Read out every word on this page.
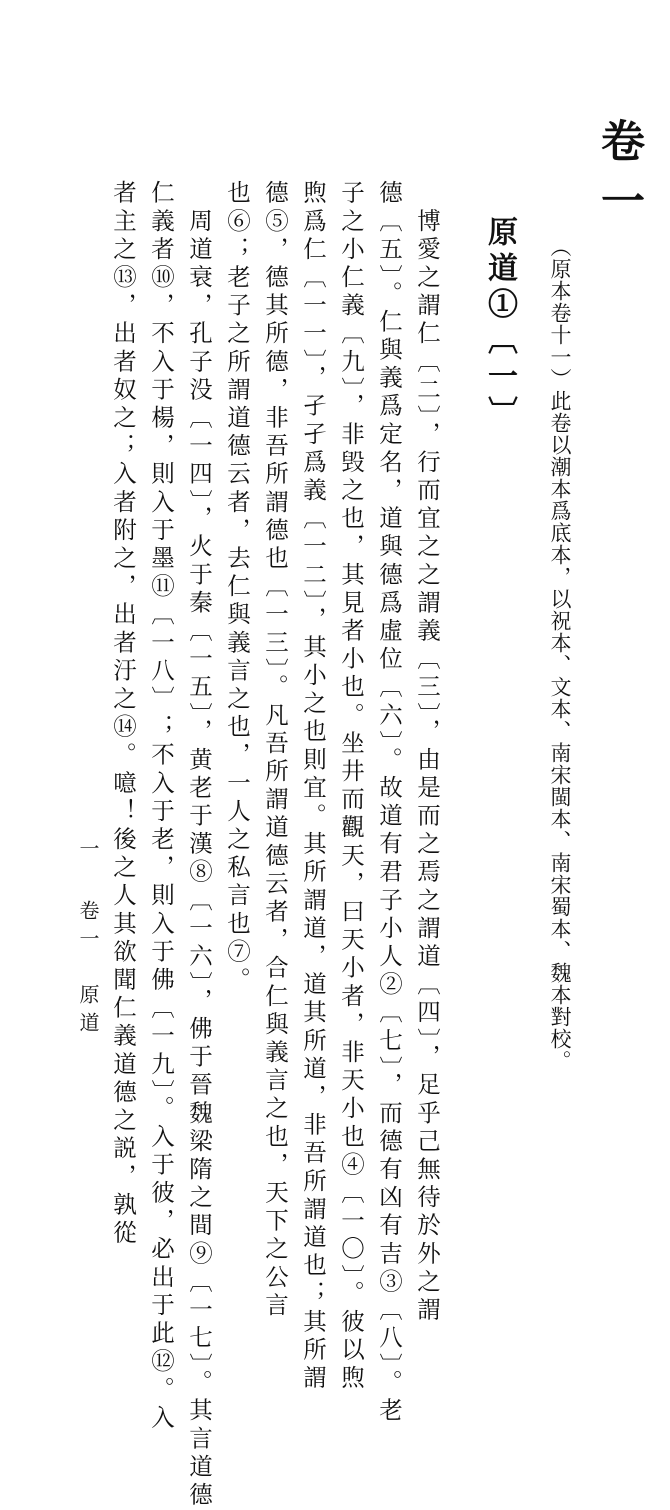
卷一
（原本卷十一）此卷以潮本爲底本，以祝本、文本、南宋閩本、南宋蜀本、魏本對校。
原道①〔一〕
　博愛之謂仁〔二〕，行而宜之之謂義〔三〕，由是而之焉之謂道〔四〕，足乎己無待於外之謂
德〔五〕。仁與義爲定名，道與德爲虛位〔六〕。故道有君子小人②〔七〕，而德有凶有吉③〔八〕。老
子之小仁義〔九〕，非毁之也，其見者小也。坐井而觀天，曰天小者，非天小也④〔一〇〕。彼以煦
煦爲仁〔一一〕，孑孑爲義〔一二〕，其小之也則宜。其所謂道，道其所道，非吾所謂道也；其所謂
德⑤，德其所德，非吾所謂德也〔一三〕。凡吾所謂道德云者，合仁與義言之也，天下之公言
也⑥；老子之所謂道德云者，去仁與義言之也，一人之私言也⑦。
　周道衰，孔子没〔一四〕，火于秦〔一五〕，黄老于漢⑧〔一六〕，佛于晉魏梁隋之間⑨〔一七〕。其言道德
仁義者⑩，不入于楊，則入于墨⑪〔一八〕；不入于老，則入于佛〔一九〕。入于彼，必出于此⑫。入
者主之⑬，出者奴之；入者附之，出者汙之⑭。噫！後之人其欲聞仁義道德之説，孰從
卷一　原道
一
